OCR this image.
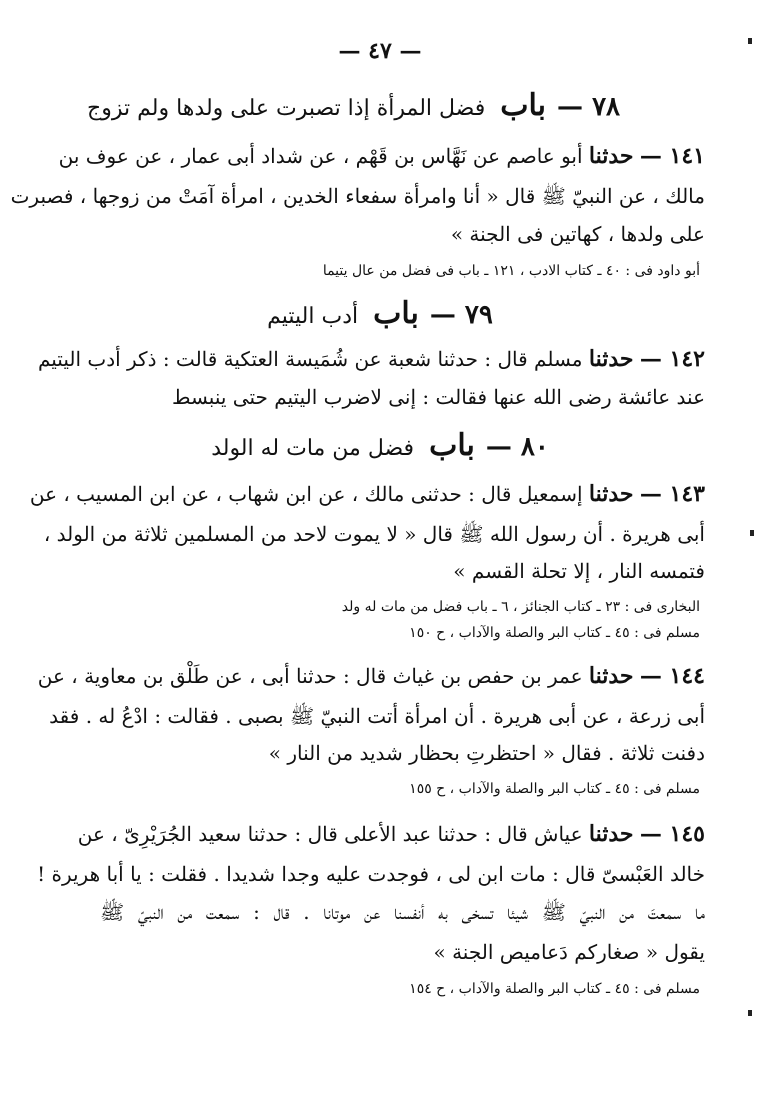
— ٤٧ —
٧٨ — باب فضل المرأة إذا تصبرت على ولدها ولم تزوج
١٤١ — حدثنا أبو عاصم عن نَهَّاس بن قَهْم ، عن شداد أبى عمار ، عن عوف بن
مالك ، عن النبيّ ﷺ قال « أنا وامرأة سفعاء الخدين ، امرأة آمَتْ من زوجها ، فصبرت
على ولدها ، كهاتين فى الجنة »
أبو داود فى : ٤٠ ـ كتاب الادب ، ١٢١ ـ باب فى فضل من عال يتيما
٧٩ — باب أدب اليتيم
١٤٢ — حدثنا مسلم قال : حدثنا شعبة عن شُمَيسة العتكية قالت : ذكر أدب اليتيم
عند عائشة رضى الله عنها فقالت : إنى لاضرب اليتيم حتى ينبسط
٨٠ — باب فضل من مات له الولد
١٤٣ — حدثنا إسمعيل قال : حدثنى مالك ، عن ابن شهاب ، عن ابن المسيب ، عن
أبى هريرة . أن رسول الله ﷺ قال « لا يموت لاحد من المسلمين ثلاثة من الولد ،
فتمسه النار ، إلا تحلة القسم »
البخارى فى : ٢٣ ـ كتاب الجنائز ، ٦ ـ باب فضل من مات له ولد
مسلم فى : ٤٥ ـ كتاب البر والصلة والآداب ، ح ١٥٠
١٤٤ — حدثنا عمر بن حفص بن غياث قال : حدثنا أبى ، عن طَلْق بن معاوية ، عن
أبى زرعة ، عن أبى هريرة . أن امرأة أتت النبيّ ﷺ بصبى . فقالت : ادْعُ له . فقد
دفنت ثلاثة . فقال « احتظرتِ بحظار شديد من النار »
مسلم فى : ٤٥ ـ كتاب البر والصلة والآداب ، ح ١٥٥
١٤٥ — حدثنا عياش قال : حدثنا عبد الأعلى قال : حدثنا سعيد الجُرَيْرِىّ ، عن
خالد العَبْسىّ قال : مات ابن لى ، فوجدت عليه وجدا شديدا . فقلت : يا أبا هريرة !
ما سمعتَ من النبيّ ﷺ شيئا تسخى به أنفسنا عن موتانا . قال : سمعت من النبيّ ﷺ
يقول « صغاركم دَعاميص الجنة »
مسلم فى : ٤٥ ـ كتاب البر والصلة والآداب ، ح ١٥٤
